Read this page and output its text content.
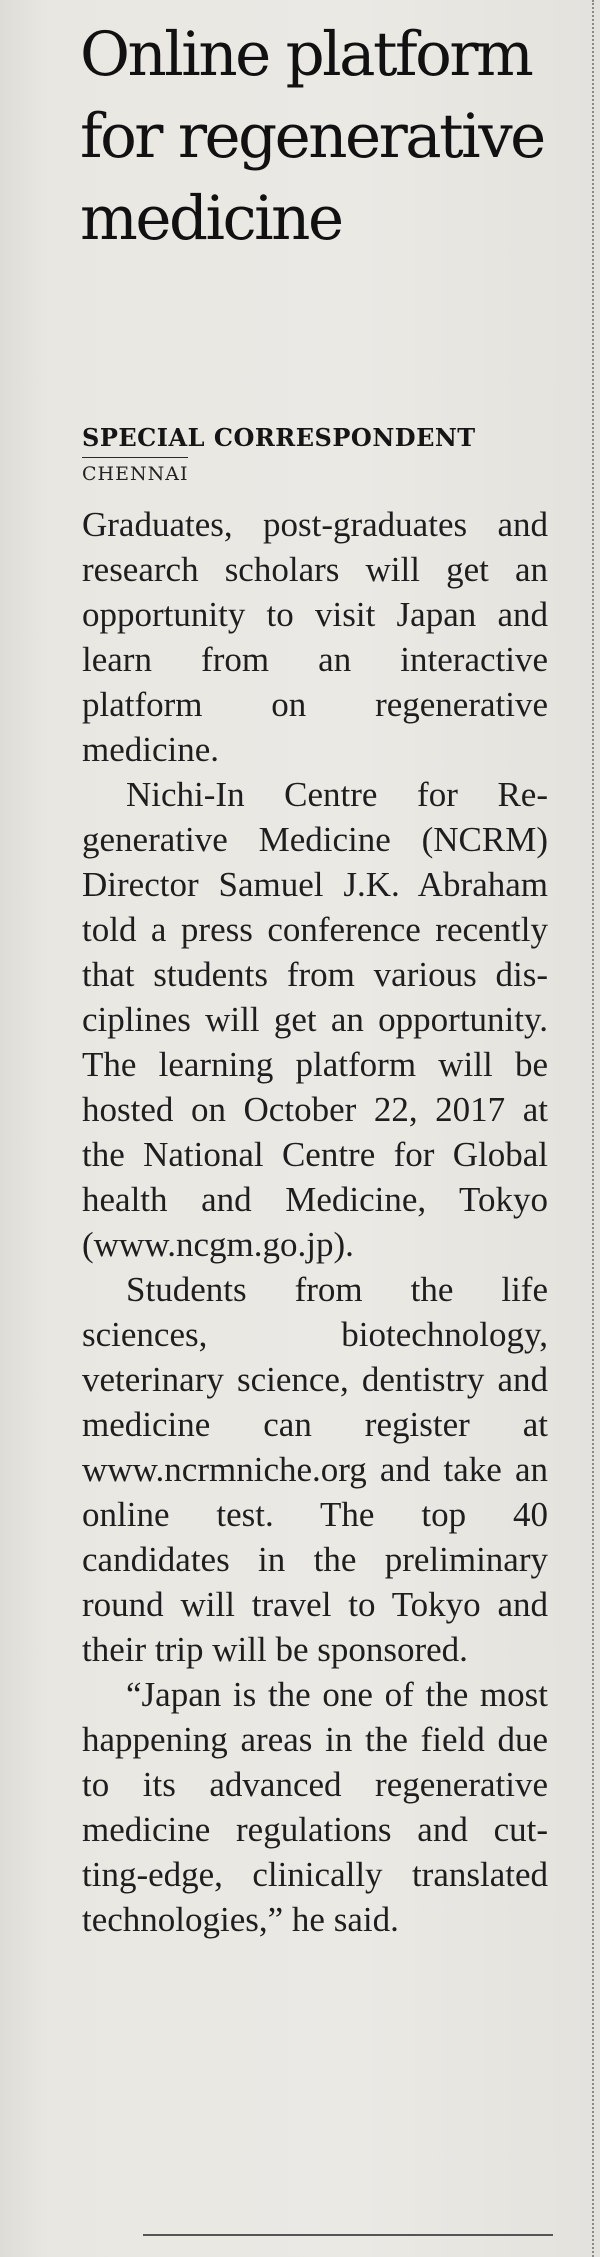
Online platform for regenerative medicine
SPECIAL CORRESPONDENT
CHENNAI

Graduates, post-graduates and research scholars will get an opportunity to visit Japan and learn from an interactive platform on regenerative medicine.

Nichi-In Centre for Regenerative Medicine (NCRM) Director Samuel J.K. Abraham told a press conference recently that students from various disciplines will get an opportunity. The learning platform will be hosted on October 22, 2017 at the National Centre for Global health and Medicine, Tokyo (www.ncgm.go.jp).

Students from the life sciences, biotechnology, veterinary science, dentistry and medicine can register at www.ncrmniche.org and take an online test. The top 40 candidates in the preliminary round will travel to Tokyo and their trip will be sponsored.

“Japan is the one of the most happening areas in the field due to its advanced regenerative medicine regulations and cutting-edge, clinically translated technologies,” he said.
